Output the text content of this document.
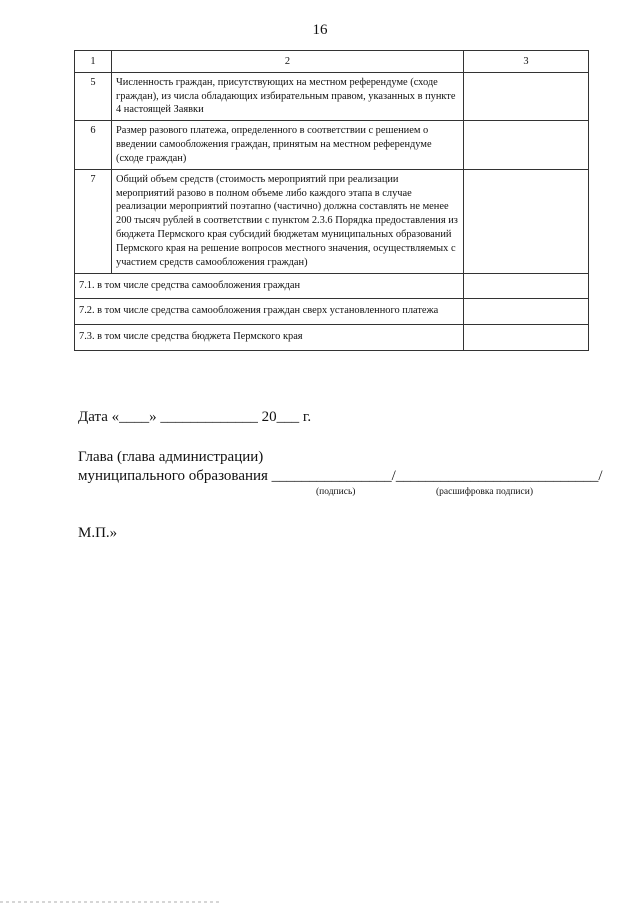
16
1	2	3
5	Численность граждан, присутствующих на местном референдуме (сходе граждан), из числа обладающих избирательным правом, указанных в пункте 4 настоящей Заявки	
6	Размер разового платежа, определенного в соответствии с решением о введении самообложения граждан, принятым на местном референдуме (сходе граждан)	
7	Общий объем средств (стоимость мероприятий при реализации мероприятий разово в полном объеме либо каждого этапа в случае реализации мероприятий поэтапно (частично) должна составлять не менее 200 тысяч рублей в соответствии с пунктом 2.3.6 Порядка предоставления из бюджета Пермского края субсидий бюджетам муниципальных образований Пермского края на решение вопросов местного значения, осуществляемых с участием средств самообложения граждан)	
7.1. в том числе средства самообложения граждан		
7.2. в том числе средства самообложения граждан сверх установленного платежа		
7.3. в том числе средства бюджета Пермского края		
Дата «____» _____________ 20___ г.
Глава (глава администрации)
муниципального образования ________________/___________________________/
(подпись)	(расшифровка подписи)
М.П.»
